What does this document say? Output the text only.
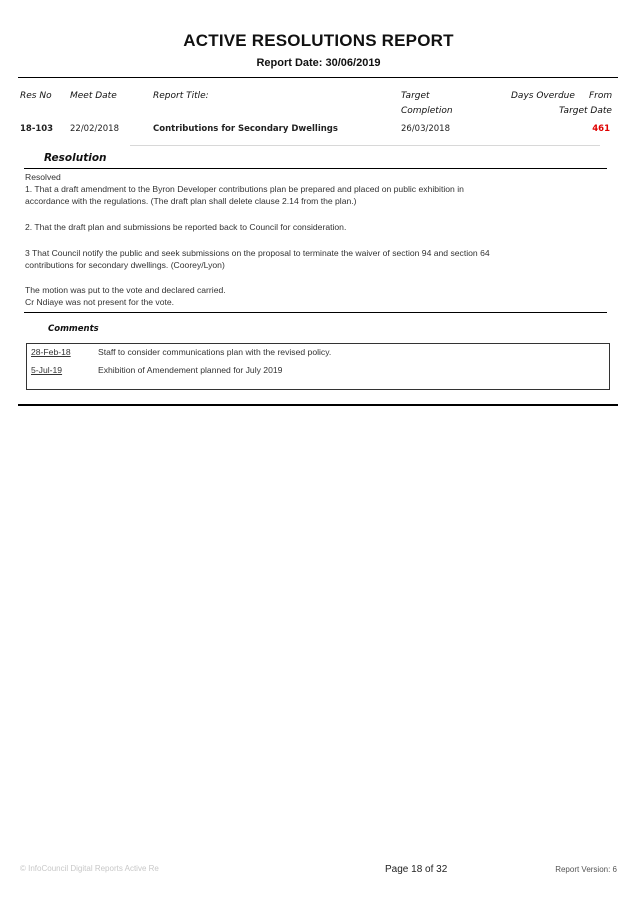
ACTIVE RESOLUTIONS REPORT
Report Date: 30/06/2019
Res No Meet Date	Report Title:	Target
Completion
Days Overdue From
Target Date
18-103 22/02/2018	Contributions for Secondary Dwellings	26/03/2018	461
Resolution
Resolved
1. That a draft amendment to the Byron Developer contributions plan be prepared and placed on public exhibition in
accordance with the regulations. (The draft plan shall delete clause 2.14 from the plan.)
2. That the draft plan and submissions be reported back to Council for consideration.
3 That Council notify the public and seek submissions on the proposal to terminate the waiver of section 94 and section 64
contributions for secondary dwellings. (Coorey/Lyon)
The motion was put to the vote and declared carried.
Cr Ndiaye was not present for the vote.
Comments
28-Feb-18	Staff to consider communications plan with the revised policy.
5-Jul-19	Exhibition of Amendement planned for July 2019
© InfoCouncil Digital Reports Active Re	Page 18 of 32	Report Version: 6
